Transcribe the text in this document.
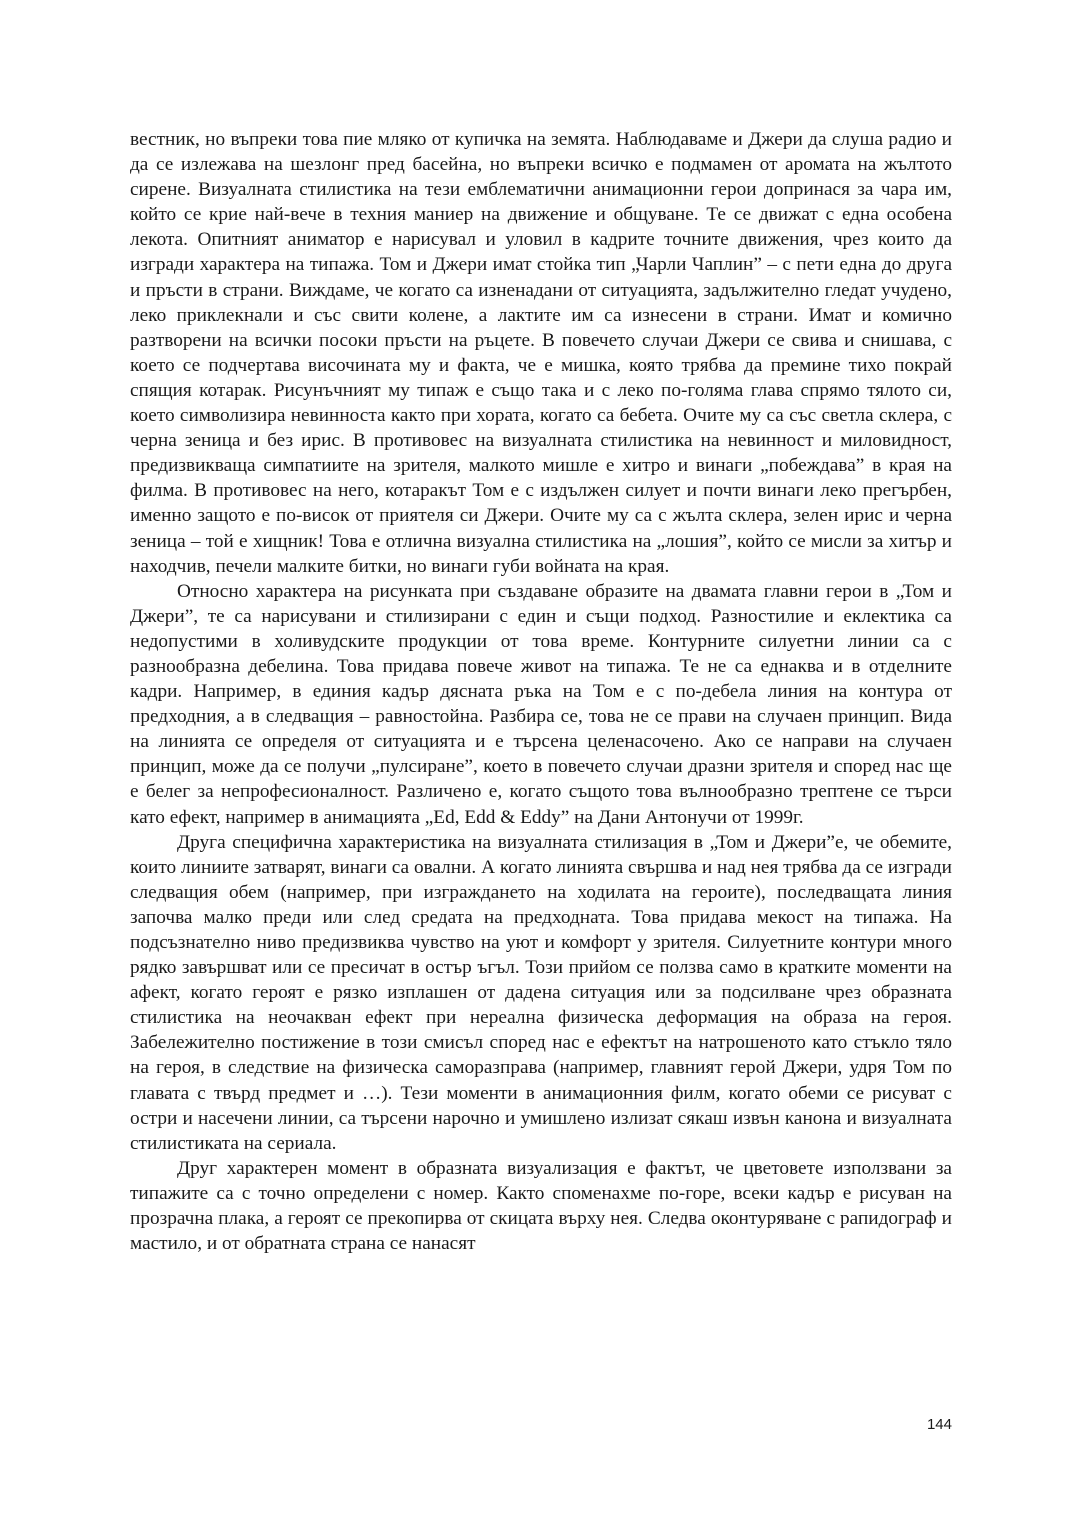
вестник, но въпреки това пие мляко от купичка на земята. Наблюдаваме и Джери да слуша радио и да се излежава на шезлонг пред басейна, но въпреки всичко е подмамен от аромата на жълтото сирене. Визуалната стилистика на тези емблематични анимационни герои допринася за чара им, който се крие най-вече в техния маниер на движение и общуване. Те се движат с една особена лекота. Опитният аниматор е нарисувал и уловил в кадрите точните движения, чрез които да изгради характера на типажа. Том и Джери имат стойка тип „Чарли Чаплин” – с пети една до друга и пръсти в страни. Виждаме, че когато са изненадани от ситуацията, задължително гледат учудено, леко приклекнали и със свити колене, а лактите им са изнесени в страни. Имат и комично разтворени на всички посоки пръсти на ръцете. В повечето случаи Джери се свива и снишава, с което се подчертава височината му и факта, че е мишка, която трябва да премине тихо покрай спящия котарак. Рисунъчният му типаж е също така и с леко по-голяма глава спрямо тялото си, което символизира невинноста както при хората, когато са бебета. Очите му са със светла склера, с черна зеница и без ирис. В противовес на визуалната стилистика на невинност и миловидност, предизвикваща симпатиите на зрителя, малкото мишле е хитро и винаги „побеждава” в края на филма. В противовес на него, котаракът Том е с издължен силует и почти винаги леко прегърбен, именно защото е по-висок от приятеля си Джери. Очите му са с жълта склера, зелен ирис и черна зеница – той е хищник! Това е отлична визуална стилистика на „лошия”, който се мисли за хитър и находчив, печели малките битки, но винаги губи войната на края.

Относно характера на рисунката при създаване образите на двамата главни герои в „Том и Джери”, те са нарисувани и стилизирани с един и същи подход. Разностилие и еклектика са недопустими в холивудските продукции от това време. Контурните силуетни линии са с разнообразна дебелина. Това придава повече живот на типажа. Те не са еднаква и в отделните кадри. Например, в единия кадър дясната ръка на Том е с по-дебела линия на контура от предходния, а в следващия – равностойна. Разбира се, това не се прави на случаен принцип. Вида на линията се определя от ситуацията и е търсена целенасочено. Ако се направи на случаен принцип, може да се получи „пулсиране”, което в повечето случаи дразни зрителя и според нас ще е белег за непрофесионалност. Различено е, когато същото това вълнообразно трептене се търси като ефект, например в анимацията „Ed, Edd & Eddy” на Дани Антонучи от 1999г.

Друга специфична характеристика на визуалната стилизация в „Том и Джери”е, че обемите, които линиите затварят, винаги са овални. А когато линията свършва и над нея трябва да се изгради следващия обем (например, при изграждането на ходилата на героите), последващата линия започва малко преди или след средата на предходната. Това придава мекост на типажа. На подсъзнателно ниво предизвиква чувство на уют и комфорт у зрителя. Силуетните контури много рядко завършват или се пресичат в остър ъгъл. Този прийом се ползва само в кратките моменти на афект, когато героят е рязко изплашен от дадена ситуация или за подсилване чрез образната стилистика на неочакван ефект при нереална физическа деформация на образа на героя. Забележително постижение в този смисъл според нас е ефектът на натрошеното като стъкло тяло на героя, в следствие на физическа саморазправа (например, главният герой Джери, удря Том по главата с твърд предмет и …). Тези моменти в анимационния филм, когато обеми се рисуват с остри и насечени линии, са търсени нарочно и умишлено излизат сякаш извън канона и визуалната стилистиката на сериала.

Друг характерен момент в образната визуализация е фактът, че цветовете използвани за типажите са с точно определени с номер. Както споменахме по-горе, всеки кадър е рисуван на прозрачна плака, а героят се прекопирва от скицата върху нея. Следва оконтуряване с рапидограф и мастило, и от обратната страна се нанасят

144
